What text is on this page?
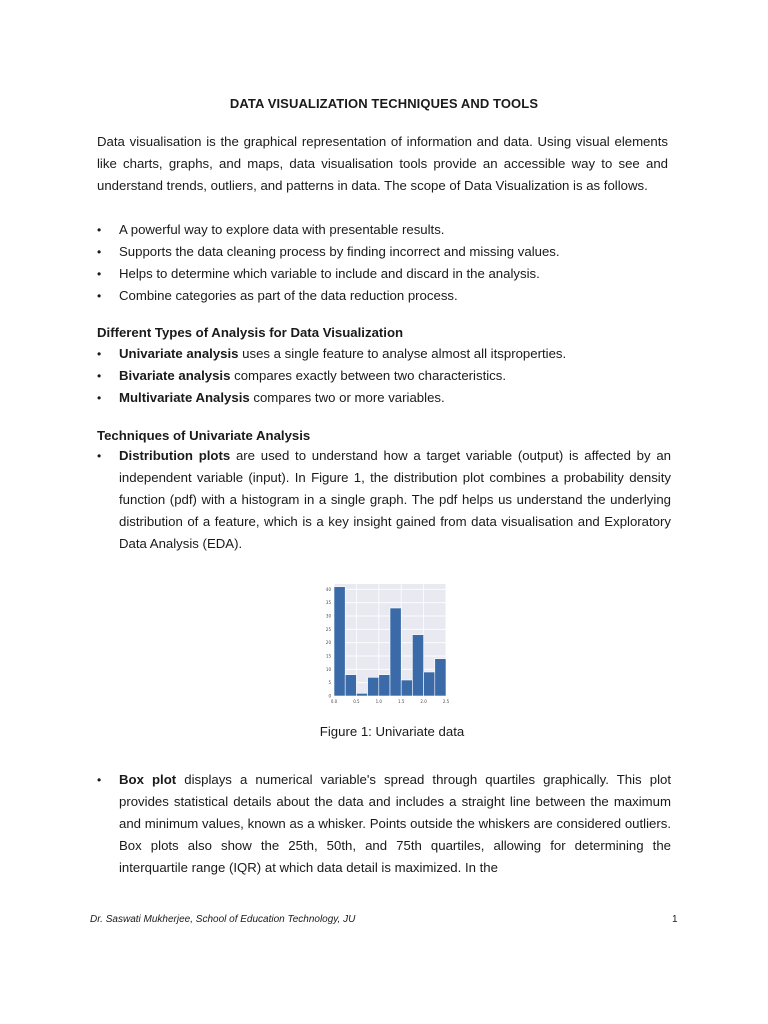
DATA VISUALIZATION TECHNIQUES AND TOOLS

Data visualisation is the graphical representation of information and data. Using visual elements like charts, graphs, and maps, data visualisation tools provide an accessible way to see and understand trends, outliers, and patterns in data. The scope of Data Visualization is as follows.

• A powerful way to explore data with presentable results.
• Supports the data cleaning process by finding incorrect and missing values.
• Helps to determine which variable to include and discard in the analysis.
• Combine categories as part of the data reduction process.

Different Types of Analysis for Data Visualization

• Univariate analysis uses a single feature to analyse almost all itsproperties.
• Bivariate analysis compares exactly between two characteristics.
• Multivariate Analysis compares two or more variables.

Techniques of Univariate Analysis

• Distribution plots are used to understand how a target variable (output) is affected by an independent variable (input). In Figure 1, the distribution plot combines a probability density function (pdf) with a histogram in a single graph. The pdf helps us understand the underlying distribution of a feature, which is a key insight gained from data visualisation and Exploratory Data Analysis (EDA).
0
5
10
15
20
25
30
35
40
0.0	0.5	1.0	1.5	2.0	2.5
Figure 1: Univariate data
• Box plot displays a numerical variable's spread through quartiles graphically. This plot provides statistical details about the data and includes a straight line between the maximum and minimum values, known as a whisker. Points outside the whiskers are considered outliers. Box plots also show the 25th, 50th, and 75th quartiles, allowing for determining the interquartile range (IQR) at which data detail is maximized. In the
Dr. Saswati Mukherjee, School of Education Technology, JU	1
